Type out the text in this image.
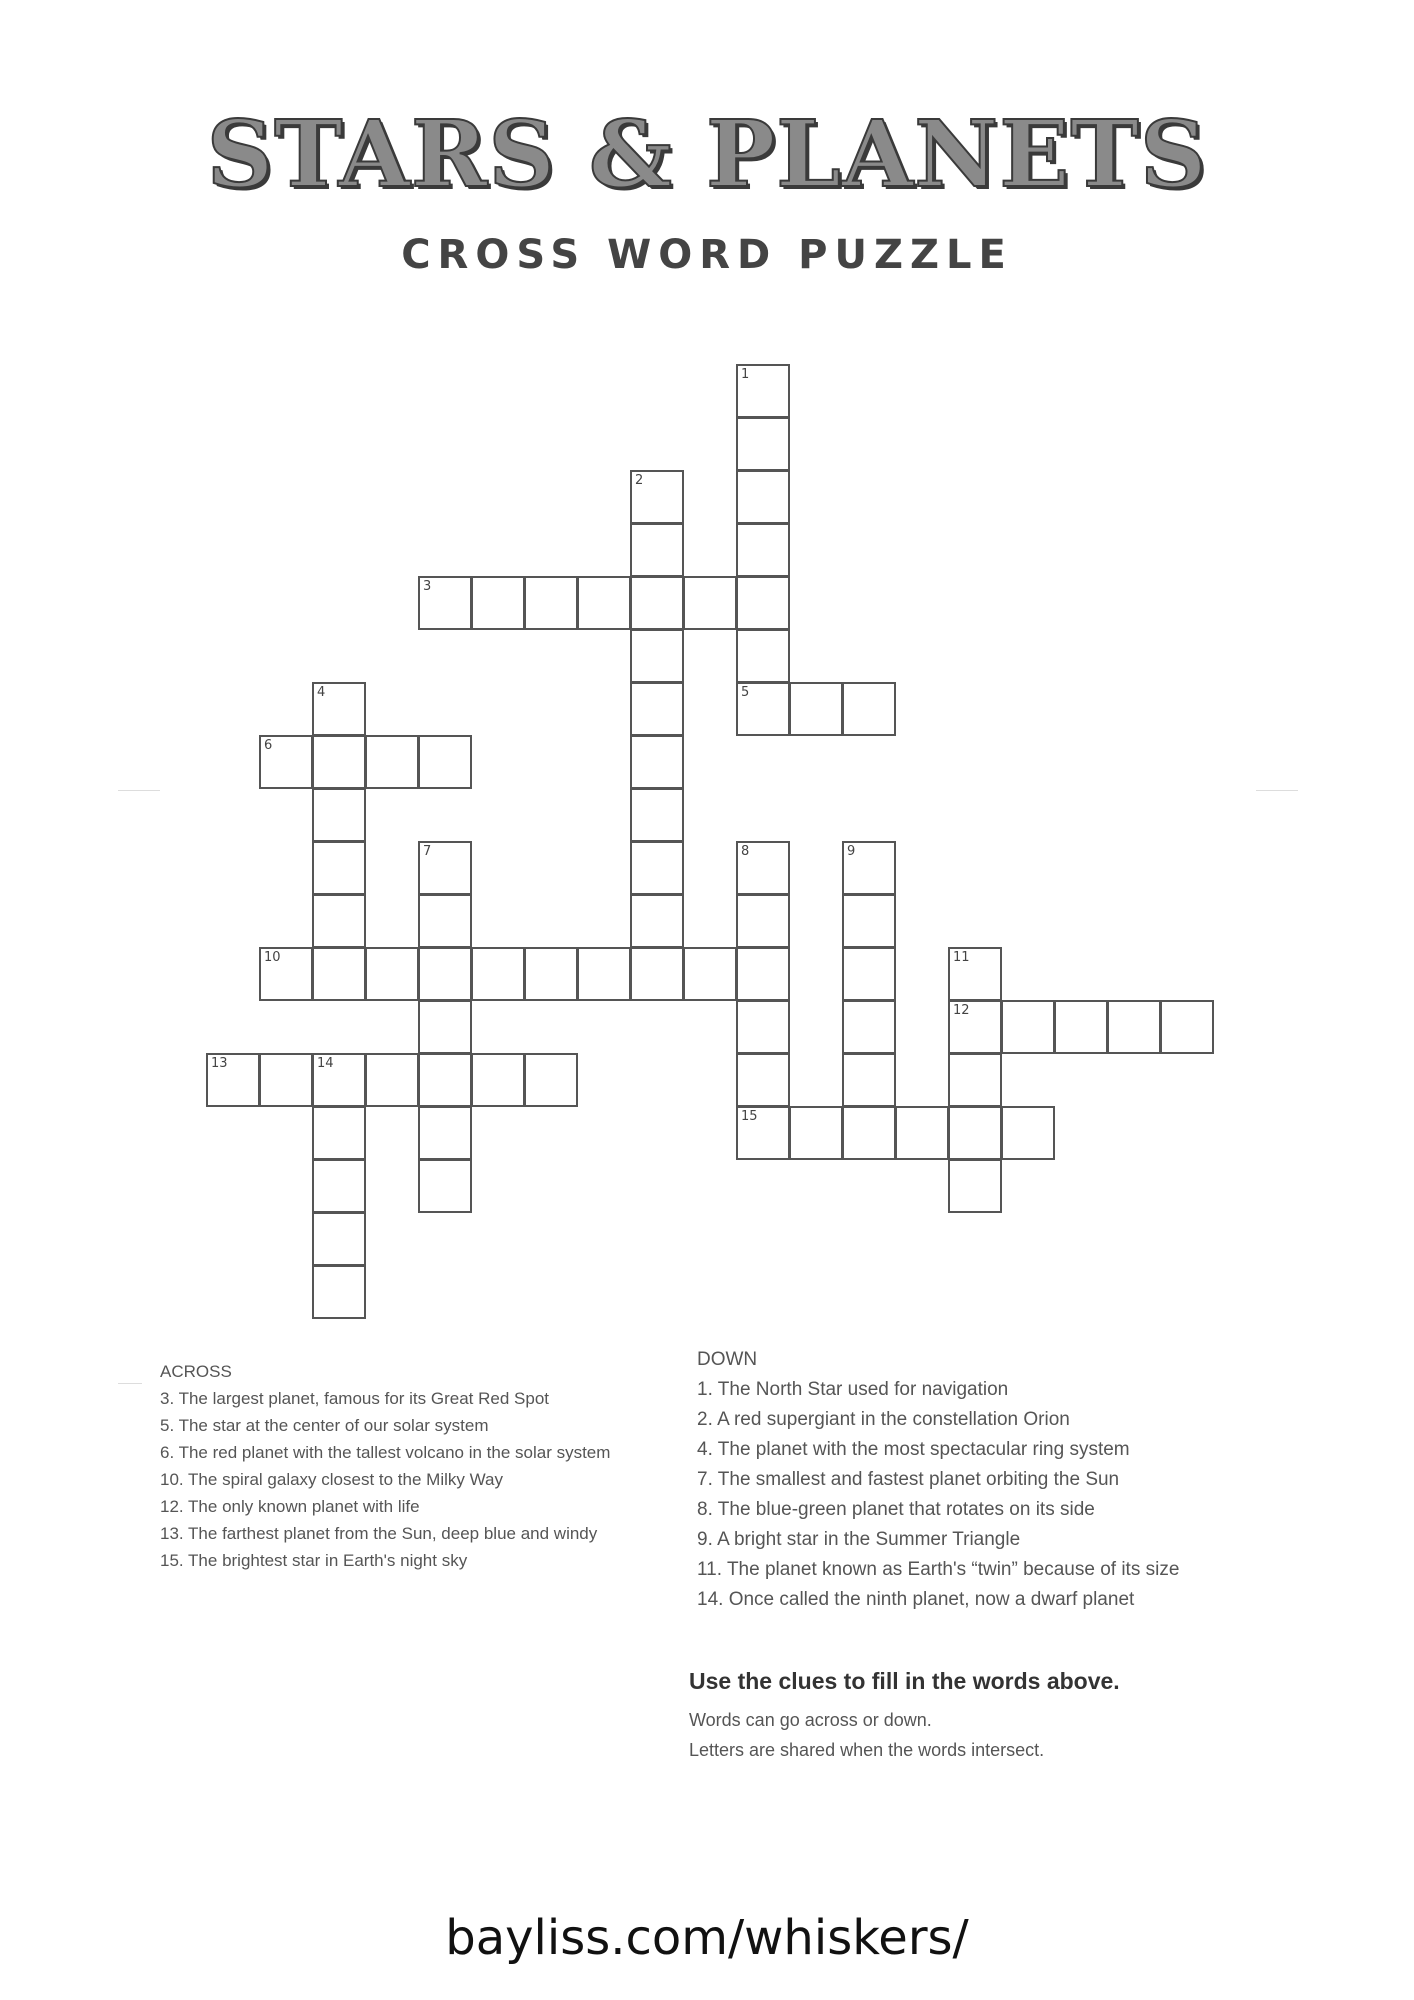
STARS & PLANETS
CROSS WORD PUZZLE
1
5
2
3
4
6
7	8
15
9
10	11
12
13	14
ACROSS
3. The largest planet, famous for its Great Red Spot
5. The star at the center of our solar system
6. The red planet with the tallest volcano in the solar system
10. The spiral galaxy closest to the Milky Way
12. The only known planet with life
13. The farthest planet from the Sun, deep blue and windy
15. The brightest star in Earth's night sky
DOWN
1. The North Star used for navigation
2. A red supergiant in the constellation Orion
4. The planet with the most spectacular ring system
7. The smallest and fastest planet orbiting the Sun
8. The blue-green planet that rotates on its side
9. A bright star in the Summer Triangle
11. The planet known as Earth's “twin” because of its size
14. Once called the ninth planet, now a dwarf planet
Use the clues to fill in the words above.
Words can go across or down.
Letters are shared when the words intersect.
bayliss.com/whiskers/
